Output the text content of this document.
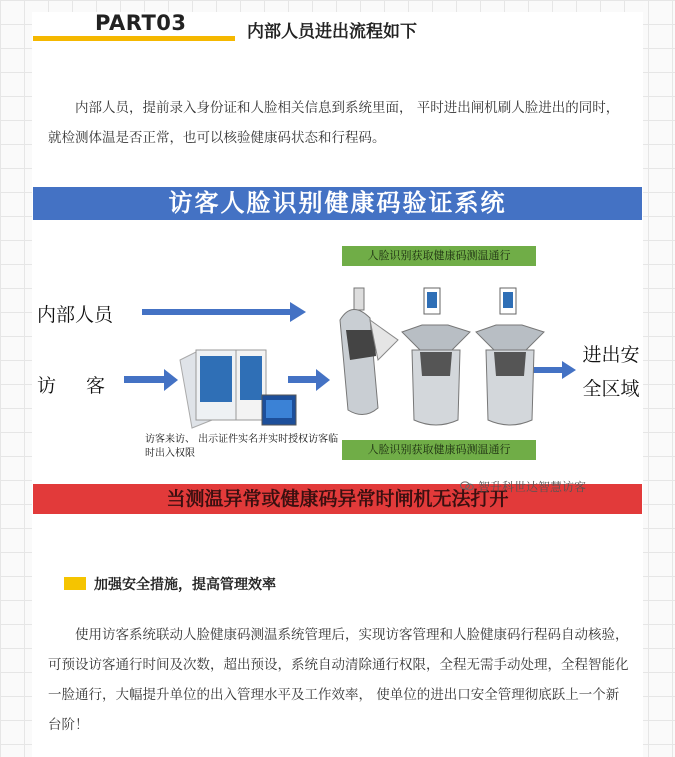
PART03	内部人员进出流程如下

内部人员，提前录入身份证和人脸相关信息到系统里面， 平时进出闸机刷人脸进出的同时，就检测体温是否正常，也可以核验健康码状态和行程码。

访客人脸识别健康码验证系统
人脸识别获取健康码测温通行
人脸识别获取健康码测温通行
内部人员
访客
进出安全区域
访客来访、 出示证件实名并实时授权访客临时出入权限
当测温异常或健康码异常时闸机无法打开
智升科世达智慧访客
加强安全措施，提高管理效率

使用访客系统联动人脸健康码测温系统管理后，实现访客管理和人脸健康码行程码自动核验，可预设访客通行时间及次数，超出预设，系统自动清除通行权限，全程无需手动处理，全程智能化一脸通行，大幅提升单位的出入管理水平及工作效率， 使单位的进出口安全管理彻底跃上一个新台阶！
